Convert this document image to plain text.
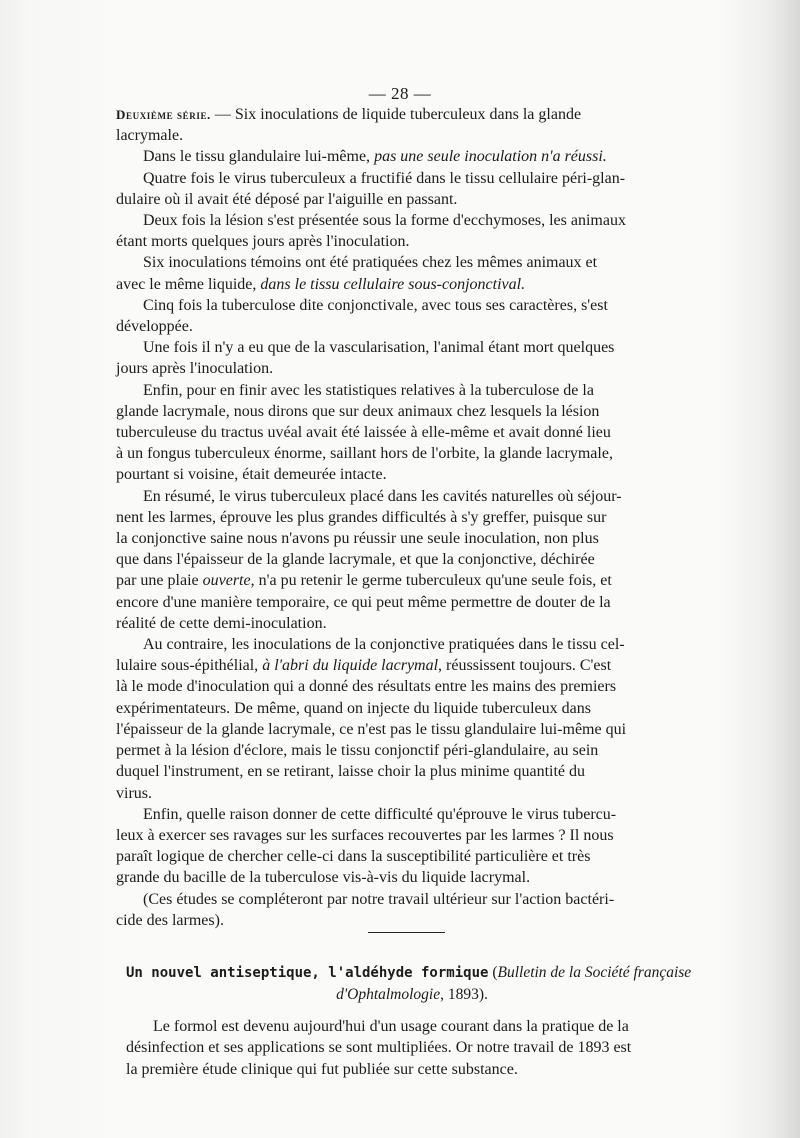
— 28 —

Deuxième série. — Six inoculations de liquide tuberculeux dans la glande
lacrymale.

Dans le tissu glandulaire lui-même, pas une seule inoculation n'a réussi.

Quatre fois le virus tuberculeux a fructifié dans le tissu cellulaire péri-glan-
dulaire où il avait été déposé par l'aiguille en passant.

Deux fois la lésion s'est présentée sous la forme d'ecchymoses, les animaux
étant morts quelques jours après l'inoculation.

Six inoculations témoins ont été pratiquées chez les mêmes animaux et
avec le même liquide, dans le tissu cellulaire sous-conjonctival.

Cinq fois la tuberculose dite conjonctivale, avec tous ses caractères, s'est
développée.

Une fois il n'y a eu que de la vascularisation, l'animal étant mort quelques
jours après l'inoculation.

Enfin, pour en finir avec les statistiques relatives à la tuberculose de la
glande lacrymale, nous dirons que sur deux animaux chez lesquels la lésion
tuberculeuse du tractus uvéal avait été laissée à elle-même et avait donné lieu
à un fongus tuberculeux énorme, saillant hors de l'orbite, la glande lacrymale,
pourtant si voisine, était demeurée intacte.

En résumé, le virus tuberculeux placé dans les cavités naturelles où séjour-
nent les larmes, éprouve les plus grandes difficultés à s'y greffer, puisque sur
la conjonctive saine nous n'avons pu réussir une seule inoculation, non plus
que dans l'épaisseur de la glande lacrymale, et que la conjonctive, déchirée
par une plaie ouverte, n'a pu retenir le germe tuberculeux qu'une seule fois, et
encore d'une manière temporaire, ce qui peut même permettre de douter de la
réalité de cette demi-inoculation.

Au contraire, les inoculations de la conjonctive pratiquées dans le tissu cel-
lulaire sous-épithélial, à l'abri du liquide lacrymal, réussissent toujours. C'est
là le mode d'inoculation qui a donné des résultats entre les mains des premiers
expérimentateurs. De même, quand on injecte du liquide tuberculeux dans
l'épaisseur de la glande lacrymale, ce n'est pas le tissu glandulaire lui-même qui
permet à la lésion d'éclore, mais le tissu conjonctif péri-glandulaire, au sein
duquel l'instrument, en se retirant, laisse choir la plus minime quantité du
virus.

Enfin, quelle raison donner de cette difficulté qu'éprouve le virus tubercu-
leux à exercer ses ravages sur les surfaces recouvertes par les larmes ? Il nous
paraît logique de chercher celle-ci dans la susceptibilité particulière et très
grande du bacille de la tuberculose vis-à-vis du liquide lacrymal.

(Ces études se compléteront par notre travail ultérieur sur l'action bactéri-
cide des larmes).

Un nouvel antiseptique, l'aldéhyde formique (Bulletin de la Société française
d'Ophtalmologie, 1893).

Le formol est devenu aujourd'hui d'un usage courant dans la pratique de la
désinfection et ses applications se sont multipliées. Or notre travail de 1893 est
la première étude clinique qui fut publiée sur cette substance.
